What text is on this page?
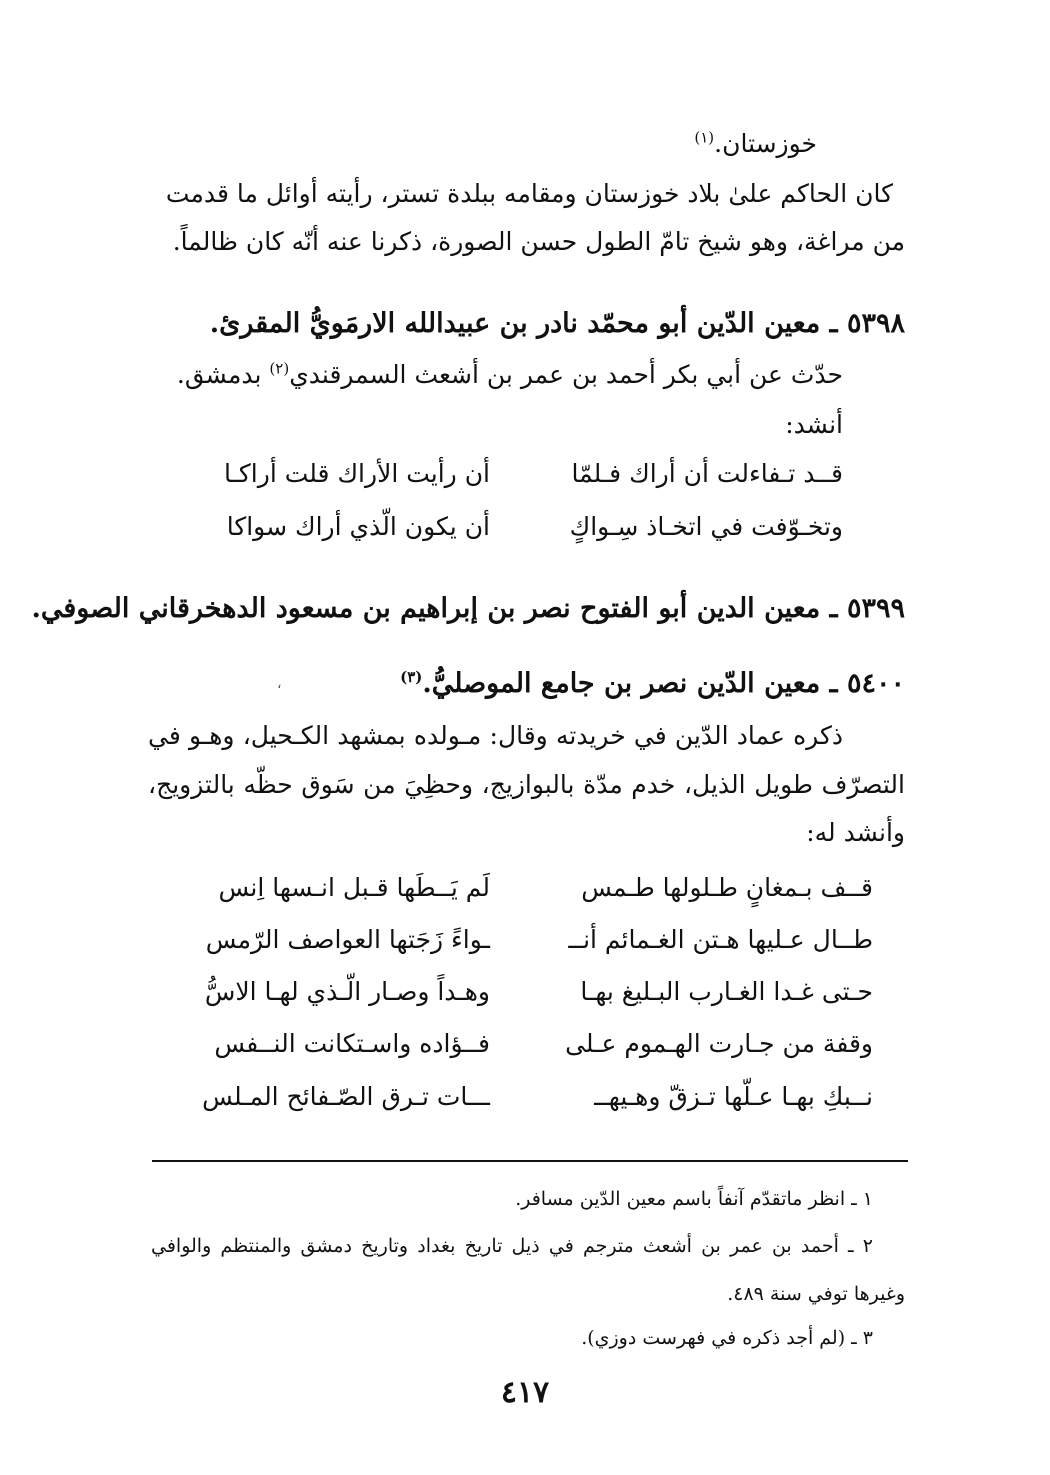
خوزستان.$^{(١)}$

كان الحاكم علىٰ بلاد خوزستان ومقامه ببلدة تستر، رأيته أوائل ما قدمت

من مراغة، وهو شيخ تامّ الطول حسن الصورة، ذكرنا عنه أنّه كان ظالماً.

٥٣٩٨ ـ معين الدّين أبو محمّد نادر بن عبيدالله الارمَويُّ المقرئ.

حدّث عن أبي بكر أحمد بن عمر بن أشعث السمرقندي$^{(٢)}$ بدمشق.

أنشد:

قــد تـفاءلت أن أراك فـلمّا
أن رأيت الأراك قلت أراكـا
وتخـوّفت في اتخـاذ سِـواكٍ
أن يكون الّذي أراك سواكا

٥٣٩٩ ـ معين الدين أبو الفتوح نصر بن إبراهيم بن مسعود الدهخرقاني الصوفي.

٥٤٠٠ ـ معين الدّين نصر بن جامع الموصليُّ.$^{(٣)}$

،

ذكره عماد الدّين في خريدته وقال: مـولده بمشهد الكـحيل، وهـو في

التصرّف طويل الذيل، خدم مدّة بالبوازيج، وحظِيَ من سَوق حظّه بالتزويج،

وأنشد له:

قــف بـمغانٍ طـلولها طـمس
لَم يَــطَها قـبل انـسها اِنس
طــال عـليها هـتن الغـمائم أنــ
ـواءً زَجَتها العواصف الرّمس
حـتى غـدا الغـارب البـليغ بهـا
وهـداً وصـار الّـذي لهـا الاسُّ
وقفة من جـارت الهـموم عـلى
فــؤاده واسـتكانت النــفس
نــبكِ بهـا عـلّها تـزقّ وهـيهــ
ـــات تـرق الصّـفائح المـلس

١ ـ انظر ماتقدّم آنفاً باسم معين الدّين مسافر.

٢ ـ أحمد بن عمر بن أشعث مترجم في ذيل تاريخ بغداد وتاريخ دمشق والمنتظم والوافي

وغيرها توفي سنة ٤٨٩.

٣ ـ (لم أجد ذكره في فهرست دوزي).

٤١٧
